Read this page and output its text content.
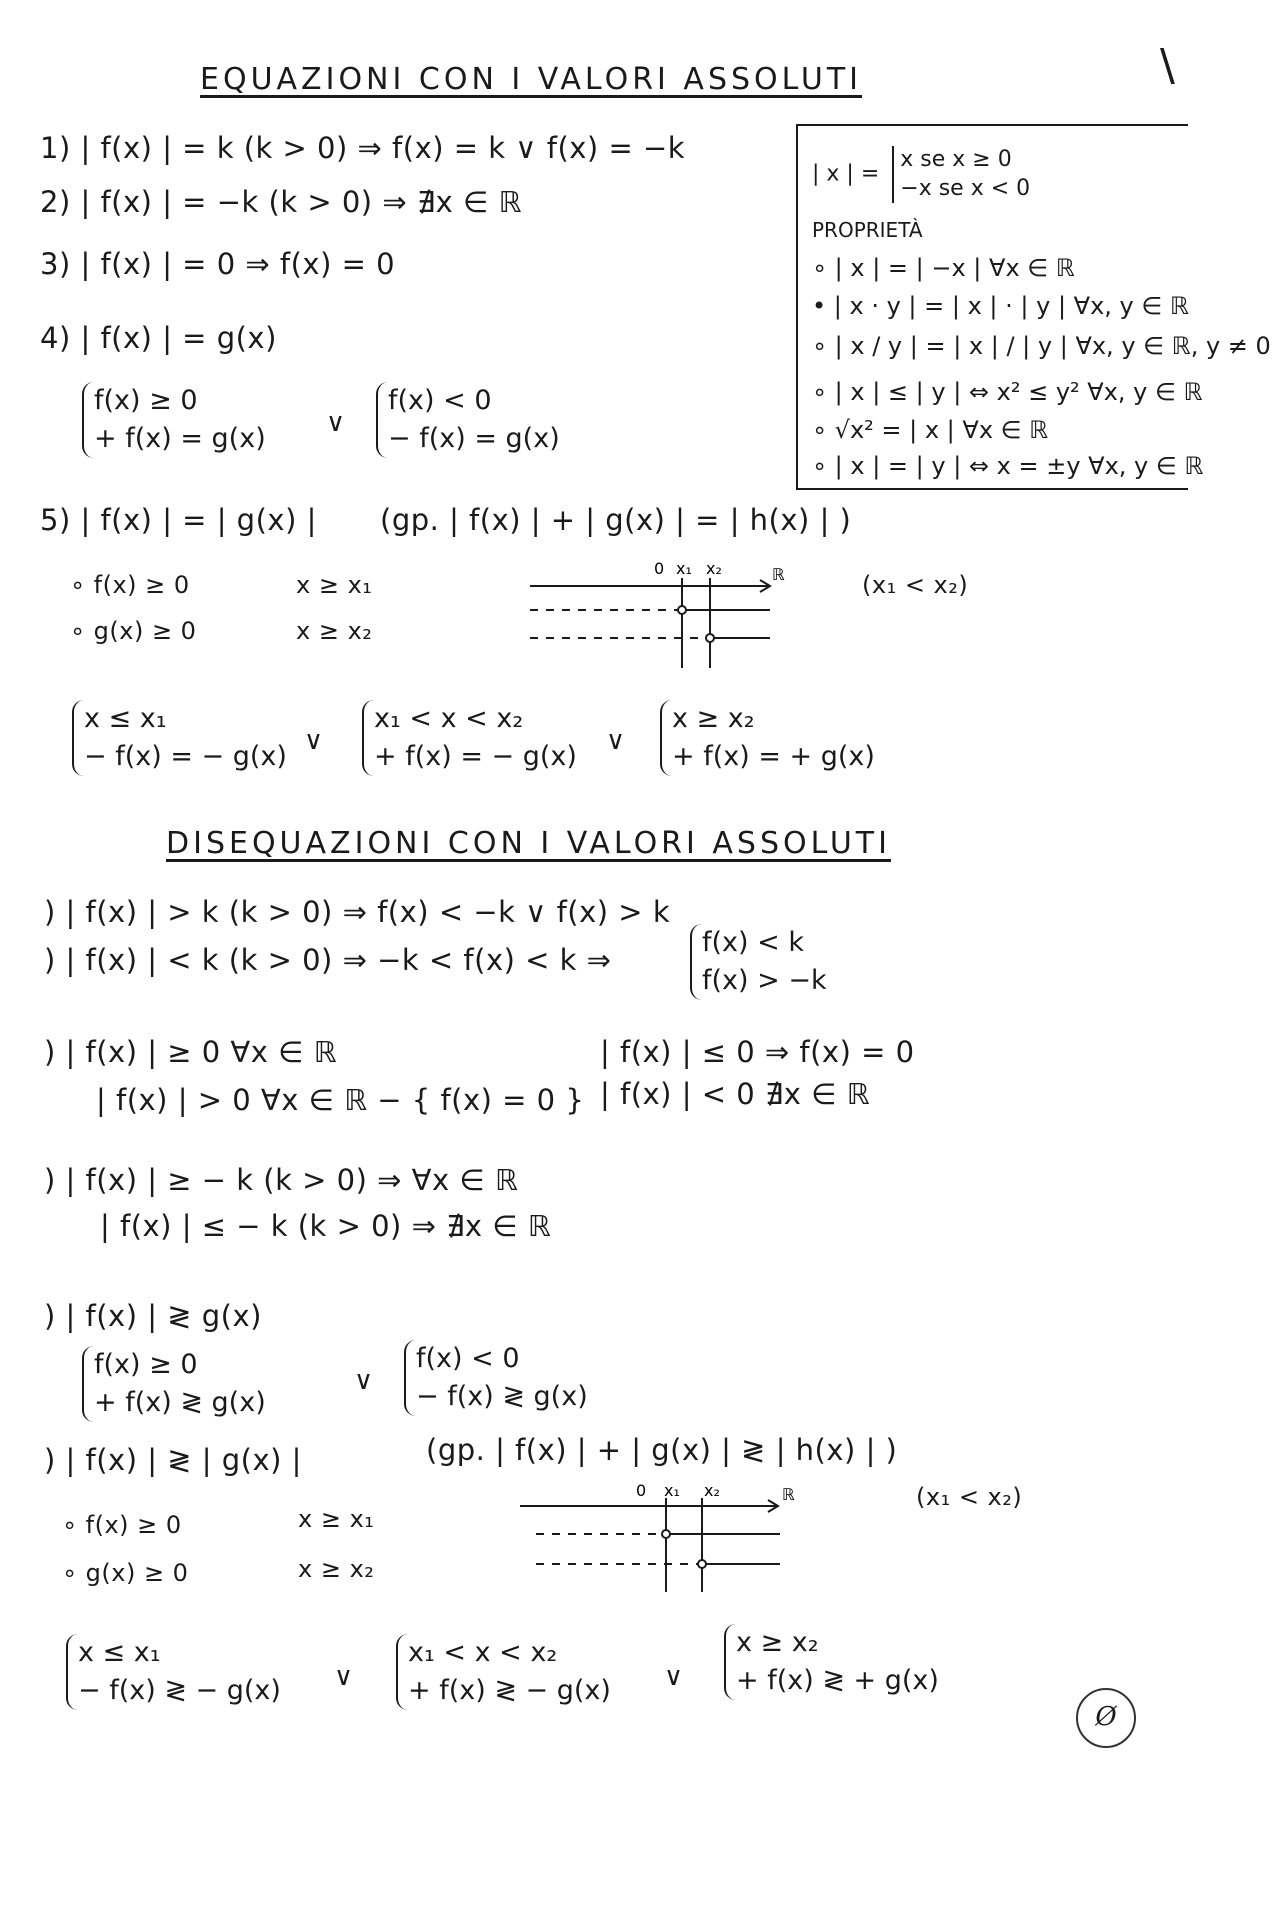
\
EQUAZIONI CON I VALORI ASSOLUTI
1) | f(x) | = k (k > 0) ⇒ f(x) = k ∨ f(x) = −k
2) | f(x) | = −k (k > 0) ⇒ ∄x ∈ ℝ
3) | f(x) | = 0 ⇒ f(x) = 0
4) | f(x) | = g(x)
f(x) ≥ 0
+ f(x) = g(x) ∨
f(x) < 0
− f(x) = g(x)
5) | f(x) | = | g(x) | (gp. | f(x) | + | g(x) | = | h(x) | )
∘ f(x) ≥ 0	x ≥ x₁
∘ g(x) ≥ 0	x ≥ x₂
(x₁ < x₂)
0 x₁ x₂	ℝ
x ≤ x₁
− f(x) = − g(x) ∨
x₁ < x < x₂
+ f(x) = − g(x) ∨
x ≥ x₂
+ f(x) = + g(x)
| x | = x se x ≥ 0
−x se x < 0
PROPRIETÀ
∘ | x | = | −x | ∀x ∈ ℝ
• | x · y | = | x | · | y | ∀x, y ∈ ℝ
∘ | x / y | = | x | / | y | ∀x, y ∈ ℝ, y ≠ 0
∘ | x | ≤ | y | ⇔ x² ≤ y² ∀x, y ∈ ℝ
∘ √x² = | x | ∀x ∈ ℝ
∘ | x | = | y | ⇔ x = ±y ∀x, y ∈ ℝ
DISEQUAZIONI CON I VALORI ASSOLUTI
) | f(x) | > k (k > 0) ⇒ f(x) < −k ∨ f(x) > k
) | f(x) | < k (k > 0) ⇒ −k < f(x) < k ⇒
f(x) < k
f(x) > −k
) | f(x) | ≥ 0 ∀x ∈ ℝ
| f(x) | > 0 ∀x ∈ ℝ − { f(x) = 0 }
| f(x) | ≤ 0 ⇒ f(x) = 0
| f(x) | < 0 ∄x ∈ ℝ
) | f(x) | ≥ − k (k > 0) ⇒ ∀x ∈ ℝ
| f(x) | ≤ − k (k > 0) ⇒ ∄x ∈ ℝ
) | f(x) | ≷ g(x)
f(x) ≥ 0
+ f(x) ≷ g(x)
∨
f(x) < 0
− f(x) ≷ g(x)
) | f(x) | ≷ | g(x) |	(gp. | f(x) | + | g(x) | ≷ | h(x) | )
∘ f(x) ≥ 0	x ≥ x₁
∘ g(x) ≥ 0	x ≥ x₂
(x₁ < x₂)
0 x₁ x₂	ℝ
x ≤ x₁
− f(x) ≷ − g(x) ∨
x₁ < x < x₂
+ f(x) ≷ − g(x) ∨
x ≥ x₂
+ f(x) ≷ + g(x)
Ø
